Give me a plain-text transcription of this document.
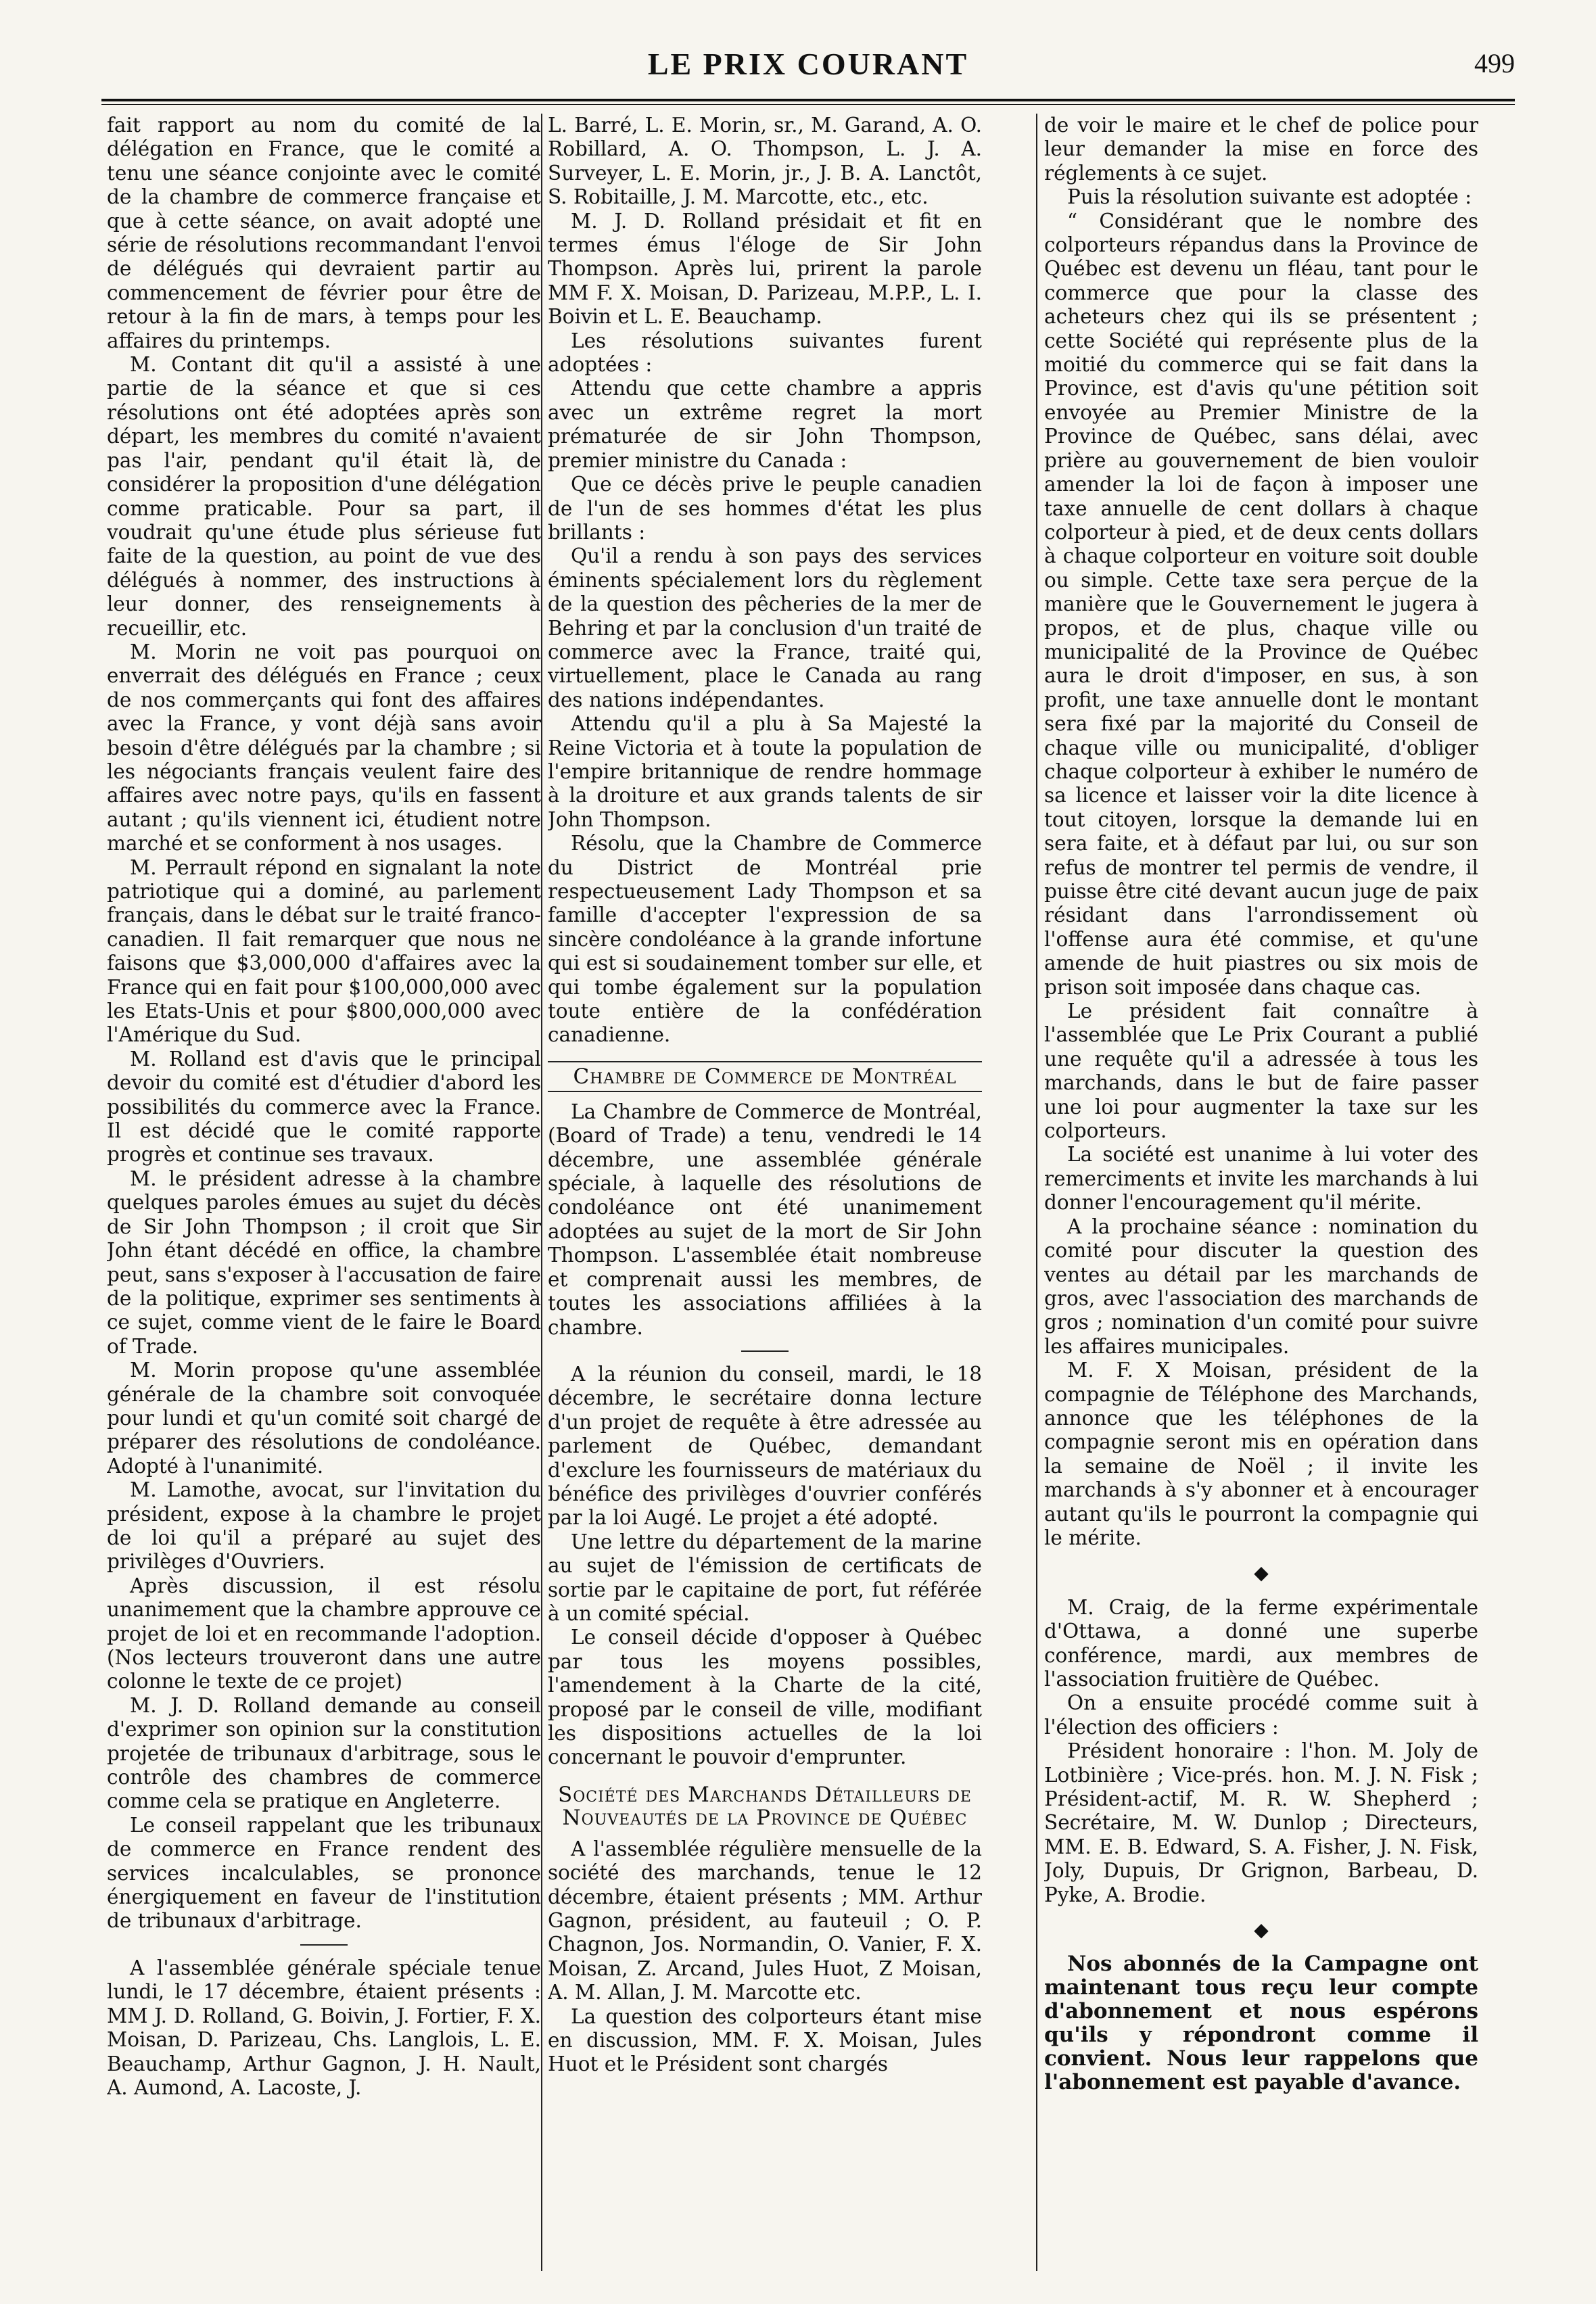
LE PRIX COURANT	499

fait rapport au nom du comité de la délégation en France, que le comité a tenu une séance conjointe avec le comité de la chambre de commerce française et que à cette séance, on avait adopté une série de résolutions recommandant l'envoi de délégués qui devraient partir au commencement de février pour être de retour à la fin de mars, à temps pour les affaires du printemps.

M. Contant dit qu'il a assisté à une partie de la séance et que si ces résolutions ont été adoptées après son départ, les membres du comité n'avaient pas l'air, pendant qu'il était là, de considérer la proposition d'une délégation comme praticable. Pour sa part, il voudrait qu'une étude plus sérieuse fut faite de la question, au point de vue des délégués à nommer, des instructions à leur donner, des renseignements à recueillir, etc.

M. Morin ne voit pas pourquoi on enverrait des délégués en France ; ceux de nos commerçants qui font des affaires avec la France, y vont déjà sans avoir besoin d'être délégués par la chambre ; si les négociants français veulent faire des affaires avec notre pays, qu'ils en fassent autant ; qu'ils viennent ici, étudient notre marché et se conforment à nos usages.

M. Perrault répond en signalant la note patriotique qui a dominé, au parlement français, dans le débat sur le traité franco-canadien. Il fait remarquer que nous ne faisons que $3,000,000 d'affaires avec la France qui en fait pour $100,000,000 avec les Etats-Unis et pour $800,000,000 avec l'Amérique du Sud.

M. Rolland est d'avis que le principal devoir du comité est d'étudier d'abord les possibilités du commerce avec la France. Il est décidé que le comité rapporte progrès et continue ses travaux.

M. le président adresse à la chambre quelques paroles émues au sujet du décès de Sir John Thompson ; il croit que Sir John étant décédé en office, la chambre peut, sans s'exposer à l'accusation de faire de la politique, exprimer ses sentiments à ce sujet, comme vient de le faire le Board of Trade.

M. Morin propose qu'une assemblée générale de la chambre soit convoquée pour lundi et qu'un comité soit chargé de préparer des résolutions de condoléance. Adopté à l'unanimité.

M. Lamothe, avocat, sur l'invitation du président, expose à la chambre le projet de loi qu'il a préparé au sujet des privilèges d'Ouvriers.

Après discussion, il est résolu unanimement que la chambre approuve ce projet de loi et en recommande l'adoption. (Nos lecteurs trouveront dans une autre colonne le texte de ce projet)

M. J. D. Rolland demande au conseil d'exprimer son opinion sur la constitution projetée de tribunaux d'arbitrage, sous le contrôle des chambres de commerce comme cela se pratique en Angleterre.

Le conseil rappelant que les tribunaux de commerce en France rendent des services incalculables, se prononce énergiquement en faveur de l'institution de tribunaux d'arbitrage.

A l'assemblée générale spéciale tenue lundi, le 17 décembre, étaient présents : MM J. D. Rolland, G. Boivin, J. Fortier, F. X. Moisan, D. Parizeau, Chs. Langlois, L. E. Beauchamp, Arthur Gagnon, J. H. Nault, A. Aumond, A. Lacoste, J.

L. Barré, L. E. Morin, sr., M. Garand, A. O. Robillard, A. O. Thompson, L. J. A. Surveyer, L. E. Morin, jr., J. B. A. Lanctôt, S. Robitaille, J. M. Marcotte, etc., etc.

M. J. D. Rolland présidait et fit en termes émus l'éloge de Sir John Thompson. Après lui, prirent la parole MM F. X. Moisan, D. Parizeau, M.P.P., L. I. Boivin et L. E. Beauchamp.

Les résolutions suivantes furent adoptées :

Attendu que cette chambre a appris avec un extrême regret la mort prématurée de sir John Thompson, premier ministre du Canada :

Que ce décès prive le peuple canadien de l'un de ses hommes d'état les plus brillants :

Qu'il a rendu à son pays des services éminents spécialement lors du règlement de la question des pêcheries de la mer de Behring et par la conclusion d'un traité de commerce avec la France, traité qui, virtuellement, place le Canada au rang des nations indépendantes.

Attendu qu'il a plu à Sa Majesté la Reine Victoria et à toute la population de l'empire britannique de rendre hommage à la droiture et aux grands talents de sir John Thompson.

Résolu, que la Chambre de Commerce du District de Montréal prie respectueusement Lady Thompson et sa famille d'accepter l'expression de sa sincère condoléance à la grande infortune qui est si soudainement tomber sur elle, et qui tombe également sur la population toute entière de la confédération canadienne.

Chambre de Commerce de Montréal

La Chambre de Commerce de Montréal, (Board of Trade) a tenu, vendredi le 14 décembre, une assemblée générale spéciale, à laquelle des résolutions de condoléance ont été unanimement adoptées au sujet de la mort de Sir John Thompson. L'assemblée était nombreuse et comprenait aussi les membres, de toutes les associations affiliées à la chambre.

A la réunion du conseil, mardi, le 18 décembre, le secrétaire donna lecture d'un projet de requête à être adressée au parlement de Québec, demandant d'exclure les fournisseurs de matériaux du bénéfice des privilèges d'ouvrier conférés par la loi Augé. Le projet a été adopté.

Une lettre du département de la marine au sujet de l'émission de certificats de sortie par le capitaine de port, fut référée à un comité spécial.

Le conseil décide d'opposer à Québec par tous les moyens possibles, l'amendement à la Charte de la cité, proposé par le conseil de ville, modifiant les dispositions actuelles de la loi concernant le pouvoir d'emprunter.

Société des Marchands Détailleurs de Nouveautés de la Province de Québec

A l'assemblée régulière mensuelle de la société des marchands, tenue le 12 décembre, étaient présents ; MM. Arthur Gagnon, président, au fauteuil ; O. P. Chagnon, Jos. Normandin, O. Vanier, F. X. Moisan, Z. Arcand, Jules Huot, Z Moisan, A. M. Allan, J. M. Marcotte etc.

La question des colporteurs étant mise en discussion, MM. F. X. Moisan, Jules Huot et le Président sont chargés

de voir le maire et le chef de police pour leur demander la mise en force des réglements à ce sujet.

Puis la résolution suivante est adoptée :

“ Considérant que le nombre des colporteurs répandus dans la Province de Québec est devenu un fléau, tant pour le commerce que pour la classe des acheteurs chez qui ils se présentent ; cette Société qui représente plus de la moitié du commerce qui se fait dans la Province, est d'avis qu'une pétition soit envoyée au Premier Ministre de la Province de Québec, sans délai, avec prière au gouvernement de bien vouloir amender la loi de façon à imposer une taxe annuelle de cent dollars à chaque colporteur à pied, et de deux cents dollars à chaque colporteur en voiture soit double ou simple. Cette taxe sera perçue de la manière que le Gouvernement le jugera à propos, et de plus, chaque ville ou municipalité de la Province de Québec aura le droit d'imposer, en sus, à son profit, une taxe annuelle dont le montant sera fixé par la majorité du Conseil de chaque ville ou municipalité, d'obliger chaque colporteur à exhiber le numéro de sa licence et laisser voir la dite licence à tout citoyen, lorsque la demande lui en sera faite, et à défaut par lui, ou sur son refus de montrer tel permis de vendre, il puisse être cité devant aucun juge de paix résidant dans l'arrondissement où l'offense aura été commise, et qu'une amende de huit piastres ou six mois de prison soit imposée dans chaque cas.

Le président fait connaître à l'assemblée que Le Prix Courant a publié une requête qu'il a adressée à tous les marchands, dans le but de faire passer une loi pour augmenter la taxe sur les colporteurs.

La société est unanime à lui voter des remerciments et invite les marchands à lui donner l'encouragement qu'il mérite.

A la prochaine séance : nomination du comité pour discuter la question des ventes au détail par les marchands de gros, avec l'association des marchands de gros ; nomination d'un comité pour suivre les affaires municipales.

M. F. X Moisan, président de la compagnie de Téléphone des Marchands, annonce que les téléphones de la compagnie seront mis en opération dans la semaine de Noël ; il invite les marchands à s'y abonner et à encourager autant qu'ils le pourront la compagnie qui le mérite.

◆

M. Craig, de la ferme expérimentale d'Ottawa, a donné une superbe conférence, mardi, aux membres de l'association fruitière de Québec.

On a ensuite procédé comme suit à l'élection des officiers :

Président honoraire : l'hon. M. Joly de Lotbinière ; Vice-prés. hon. M. J. N. Fisk ; Président-actif, M. R. W. Shepherd ; Secrétaire, M. W. Dunlop ; Directeurs, MM. E. B. Edward, S. A. Fisher, J. N. Fisk, Joly, Dupuis, Dr Grignon, Barbeau, D. Pyke, A. Brodie.

◆

Nos abonnés de la Campagne ont maintenant tous reçu leur compte d'abonnement et nous espérons qu'ils y répondront comme il convient. Nous leur rappelons que l'abonnement est payable d'avance.
